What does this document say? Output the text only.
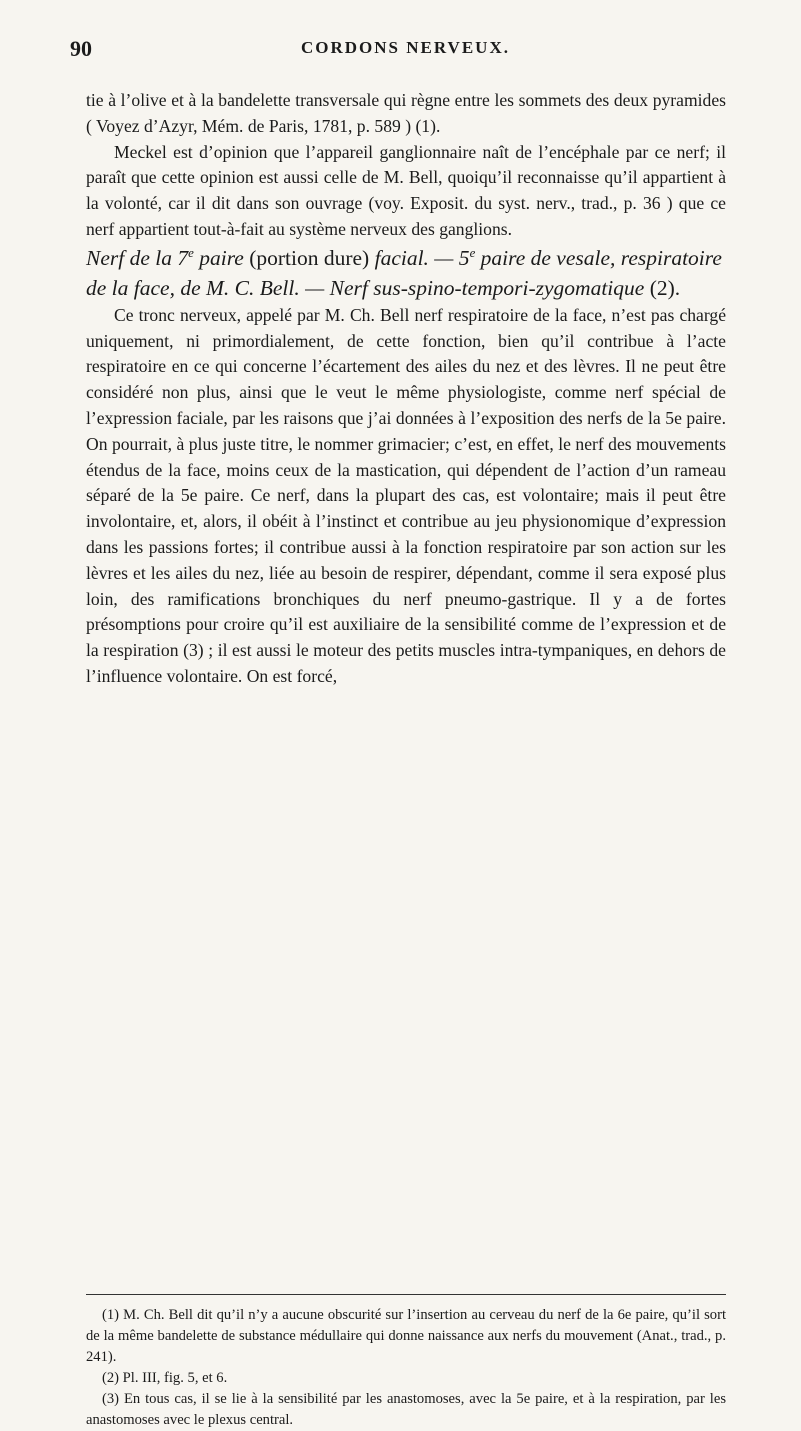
90	CORDONS NERVEUX.

tie à l’olive et à la bandelette transversale qui règne entre les sommets des deux pyramides ( Voyez d’Azyr, Mém. de Paris, 1781, p. 589 ) (1).

Meckel est d’opinion que l’appareil ganglionnaire naît de l’encéphale par ce nerf; il paraît que cette opinion est aussi celle de M. Bell, quoiqu’il reconnaisse qu’il appartient à la volonté, car il dit dans son ouvrage (voy. Exposit. du syst. nerv., trad., p. 36 ) que ce nerf appartient tout-à-fait au système nerveux des ganglions.

Nerf de la 7e paire (portion dure) facial. — 5e paire de vesale, respiratoire de la face, de M. C. Bell. — Nerf sus-spino-tempori-zygomatique (2).

Ce tronc nerveux, appelé par M. Ch. Bell nerf respiratoire de la face, n’est pas chargé uniquement, ni primordialement, de cette fonction, bien qu’il contribue à l’acte respiratoire en ce qui concerne l’écartement des ailes du nez et des lèvres. Il ne peut être considéré non plus, ainsi que le veut le même physiologiste, comme nerf spécial de l’expression faciale, par les raisons que j’ai données à l’exposition des nerfs de la 5e paire. On pourrait, à plus juste titre, le nommer grimacier; c’est, en effet, le nerf des mouvements étendus de la face, moins ceux de la mastication, qui dépendent de l’action d’un rameau séparé de la 5e paire. Ce nerf, dans la plupart des cas, est volontaire; mais il peut être involontaire, et, alors, il obéit à l’instinct et contribue au jeu physionomique d’expression dans les passions fortes; il contribue aussi à la fonction respiratoire par son action sur les lèvres et les ailes du nez, liée au besoin de respirer, dépendant, comme il sera exposé plus loin, des ramifications bronchiques du nerf pneumo-gastrique. Il y a de fortes présomptions pour croire qu’il est auxiliaire de la sensibilité comme de l’expression et de la respiration (3) ; il est aussi le moteur des petits muscles intra-tympaniques, en dehors de l’influence volontaire. On est forcé,

(1) M. Ch. Bell dit qu’il n’y a aucune obscurité sur l’insertion au cerveau du nerf de la 6e paire, qu’il sort de la même bandelette de substance médullaire qui donne naissance aux nerfs du mouvement (Anat., trad., p. 241).

(2) Pl. III, fig. 5, et 6.

(3) En tous cas, il se lie à la sensibilité par les anastomoses, avec la 5e paire, et à la respiration, par les anastomoses avec le plexus central.
